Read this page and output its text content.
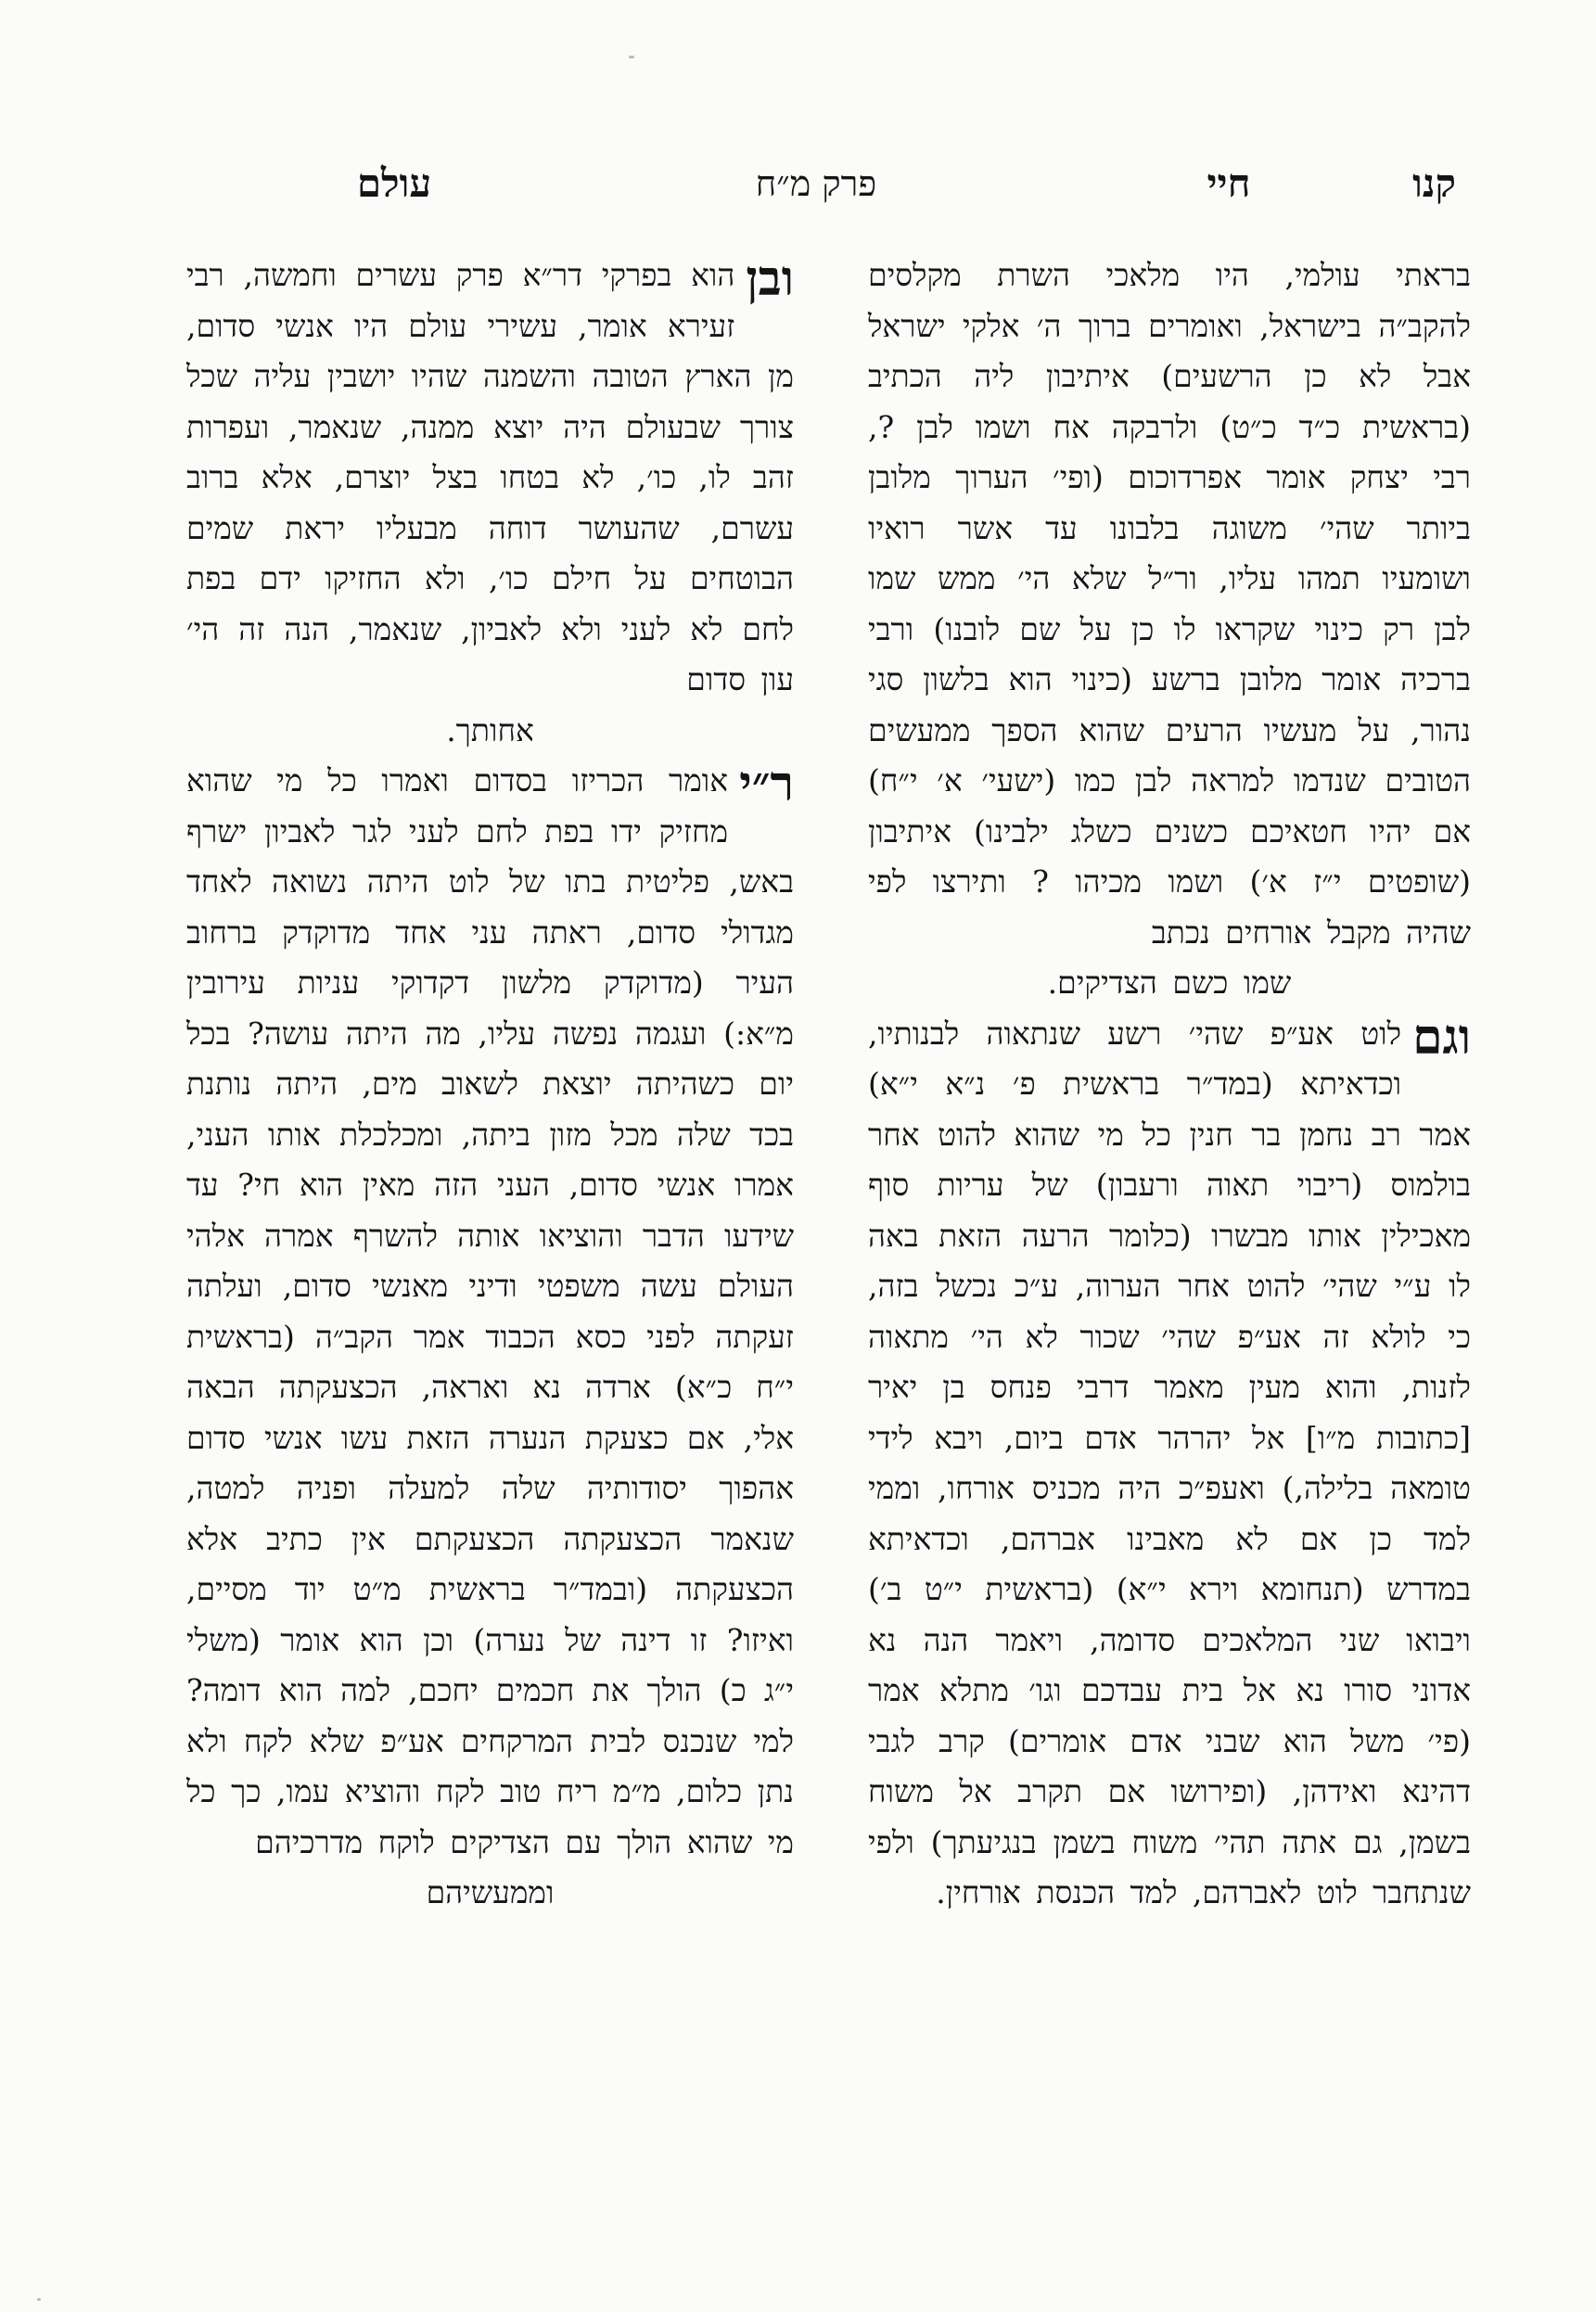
קנו
חיי
פרק מ״ח
עולם

בראתי עולמי, היו מלאכי השרת מקלסים להקב״ה בישראל, ואומרים ברוך ה׳ אלקי ישראל אבל לא כן הרשעים) איתיבון ליה הכתיב (בראשית כ״ד כ״ט) ולרבקה אח ושמו לבן ?, רבי יצחק אומר אפרדוכום (ופי׳ הערוך מלובן ביותר שהי׳ משוגה בלבונו עד אשר רואיו ושומעיו תמהו עליו, ור״ל שלא הי׳ ממש שמו לבן רק כינוי שקראו לו כן על שם לובנו) ורבי ברכיה אומר מלובן ברשע (כינוי הוא בלשון סגי נהור, על מעשיו הרעים שהוא הספך ממעשים הטובים שנדמו למראה לבן כמו (ישעי׳ א׳ י״ח) אם יהיו חטאיכם כשנים כשלג ילבינו) איתיבון (שופטים י״ז א׳) ושמו מכיהו ? ותירצו לפי שהיה מקבל אורחים נכתב

שמו כשם הצדיקים.

וגם
לוט אע״פ שהי׳ רשע שנתאוה לבנותיו, וכדאיתא (במד״ר בראשית פ׳ נ״א י״א) אמר רב נחמן בר חנין כל מי שהוא להוט אחר בולמוס (ריבוי תאוה ורעבון) של עריות סוף מאכילין אותו מבשרו (כלומר הרעה הזאת באה לו ע״י שהי׳ להוט אחר הערוה, ע״כ נכשל בזה, כי לולא זה אע״פ שהי׳ שכור לא הי׳ מתאוה לזנות, והוא מעין מאמר דרבי פנחס בן יאיר [כתובות מ״ו] אל יהרהר אדם ביום, ויבא לידי טומאה בלילה,) ואעפ״כ היה מכניס אורחו, וממי למד כן אם לא מאבינו אברהם, וכדאיתא במדרש (תנחומא וירא י״א) (בראשית י״ט ב׳) ויבואו שני המלאכים סדומה, ויאמר הנה נא אדוני סורו נא אל בית עבדכם וגו׳ מתלא אמר (פי׳ משל הוא שבני אדם אומרים) קרב לגבי דהינא ואידהן, (ופירושו אם תקרב אל משוח בשמן, גם אתה תהי׳ משוח בשמן בנגיעתך) ולפי שנתחבר לוט לאברהם, למד הכנסת אורחין.

ובן
הוא בפרקי דר״א פרק עשרים וחמשה, רבי זעירא אומר, עשירי עולם היו אנשי סדום, מן הארץ הטובה והשמנה שהיו יושבין עליה שכל צורך שבעולם היה יוצא ממנה, שנאמר, ועפרות זהב לו, כו׳, לא בטחו בצל יוצרם, אלא ברוב עשרם, שהעושר דוחה מבעליו יראת שמים הבוטחים על חילם כו׳, ולא החזיקו ידם בפת לחם לא לעני ולא לאביון, שנאמר, הנה זה הי׳ עון סדום

אחותך.

ר״י
אומר הכריזו בסדום ואמרו כל מי שהוא מחזיק ידו בפת לחם לעני לגר לאביון ישרף באש, פליטית בתו של לוט היתה נשואה לאחד מגדולי סדום, ראתה עני אחד מדוקדק ברחוב העיר (מדוקדק מלשון דקדוקי עניות עירובין מ״א:) ועגמה נפשה עליו, מה היתה עושה? בכל יום כשהיתה יוצאת לשאוב מים, היתה נותנת בכד שלה מכל מזון ביתה, ומכלכלת אותו העני, אמרו אנשי סדום, העני הזה מאין הוא חי? עד שידעו הדבר והוציאו אותה להשרף אמרה אלהי העולם עשה משפטי ודיני מאנשי סדום, ועלתה זעקתה לפני כסא הכבוד אמר הקב״ה (בראשית י״ח כ״א) ארדה נא ואראה, הכצעקתה הבאה אלי, אם כצעקת הנערה הזאת עשו אנשי סדום אהפוך יסודותיה שלה למעלה ופניה למטה, שנאמר הכצעקתה הכצעקתם אין כתיב אלא הכצעקתה (ובמד״ר בראשית מ״ט יוד מסיים, ואיזו? זו דינה של נערה) וכן הוא אומר (משלי י״ג כ) הולך את חכמים יחכם, למה הוא דומה? למי שנכנס לבית המרקחים אע״פ שלא לקח ולא נתן כלום, מ״מ ריח טוב לקח והוציא עמו, כך כל מי שהוא הולך עם הצדיקים לוקח מדרכיהם

וממעשיהם
